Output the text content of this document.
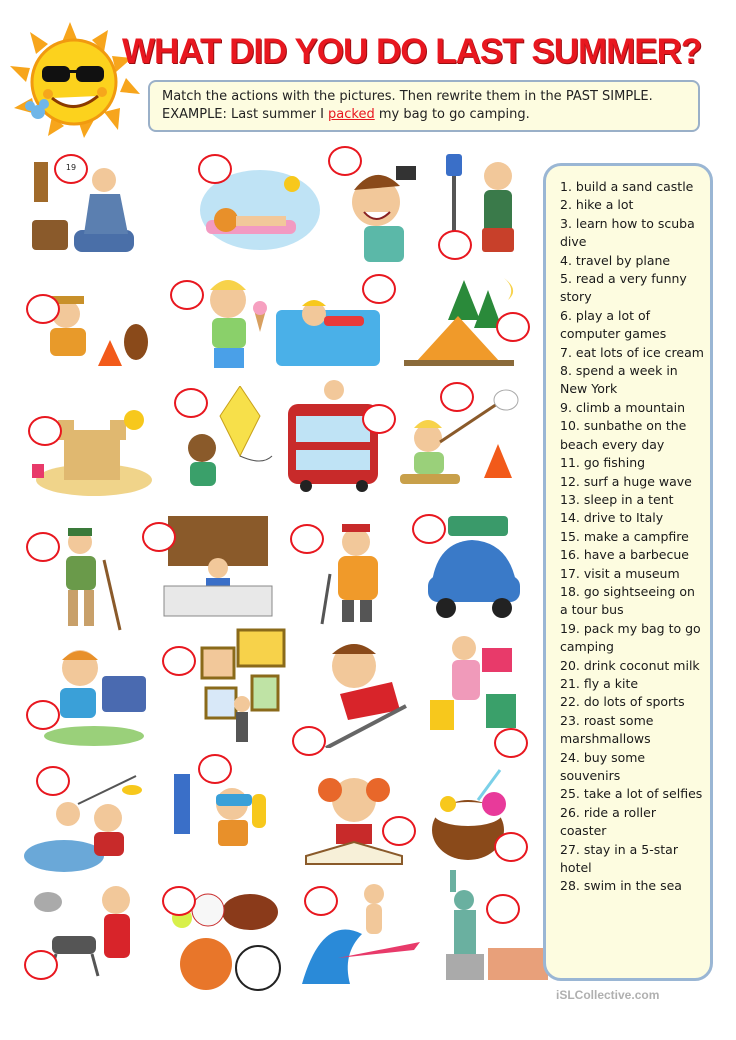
WHAT DID YOU DO LAST SUMMER?
Match the actions with the pictures. Then rewrite them in the PAST SIMPLE.
EXAMPLE: Last summer I packed my bag to go camping.
19
1. build a sand castle
2. hike a lot
3. learn how to scuba dive
4. travel by plane
5. read a very funny story
6. play a lot of computer games
7. eat lots of ice cream
8. spend a week in New York
9. climb a mountain
10. sunbathe on the beach every day
11. go fishing
12. surf a huge wave
13. sleep in a tent
14. drive to Italy
15. make a campfire
16. have a barbecue
17. visit a museum
18. go sightseeing on a tour bus
19. pack my bag to go camping
20. drink coconut milk
21. fly a kite
22. do lots of sports
23. roast some marshmallows
24. buy some souvenirs
25. take a lot of selfies
26. ride a roller coaster
27. stay in a 5-star hotel
28. swim in the sea
iSLCollective.com
